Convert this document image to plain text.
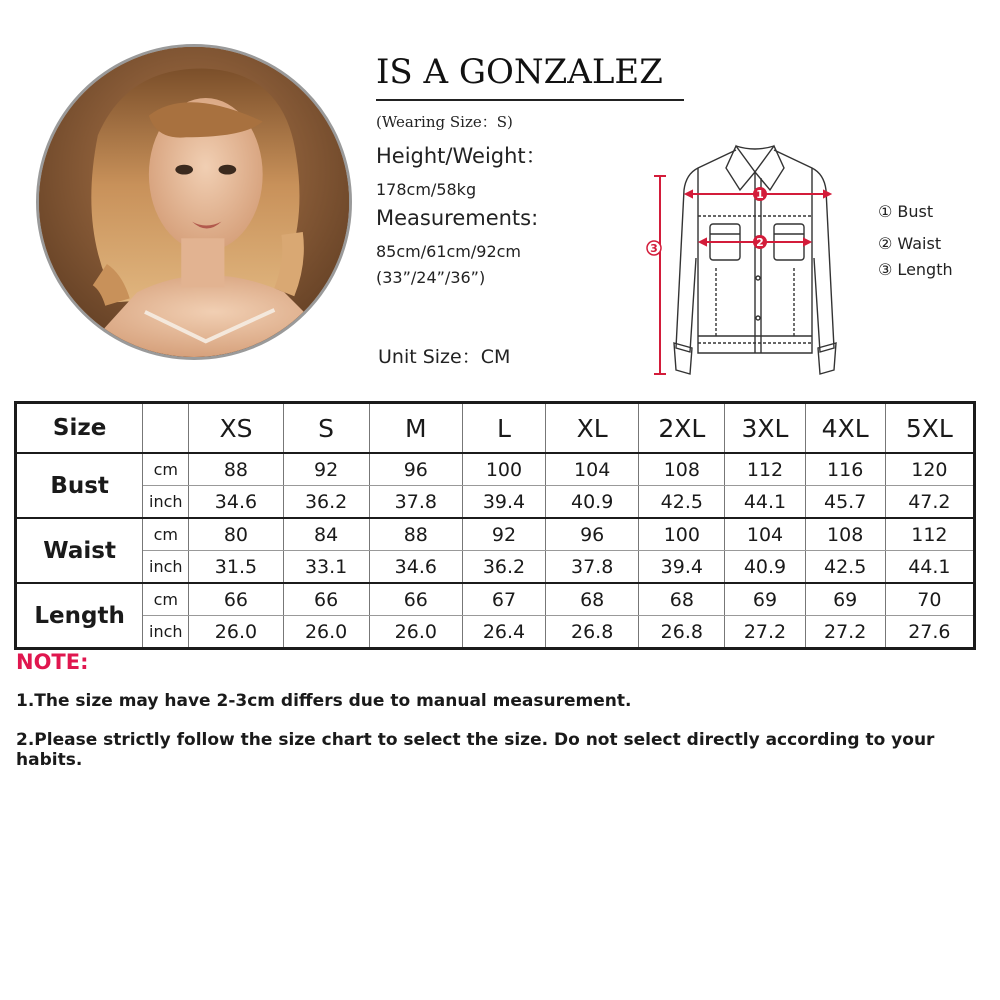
IS A GONZALEZ
(Wearing Size：S)
Height/Weight：
178cm/58kg
Measurements:
85cm/61cm/92cm
(33”/24”/36”)
Unit Size：CM
1
2
3
① Bust
② Waist
③ Length
Size		XS	S	M	L	XL	2XL	3XL	4XL	5XL
Bust	cm	88	92	96	100	104	108	112	116	120
	inch	34.6	36.2	37.8	39.4	40.9	42.5	44.1	45.7	47.2
Waist	cm	80	84	88	92	96	100	104	108	112
	inch	31.5	33.1	34.6	36.2	37.8	39.4	40.9	42.5	44.1
Length	cm	66	66	66	67	68	68	69	69	70
	inch	26.0	26.0	26.0	26.4	26.8	26.8	27.2	27.2	27.6
NOTE:
1.The size may have 2-3cm differs due to manual measurement.
2.Please strictly follow the size chart to select the size. Do not select directly according to your habits.
